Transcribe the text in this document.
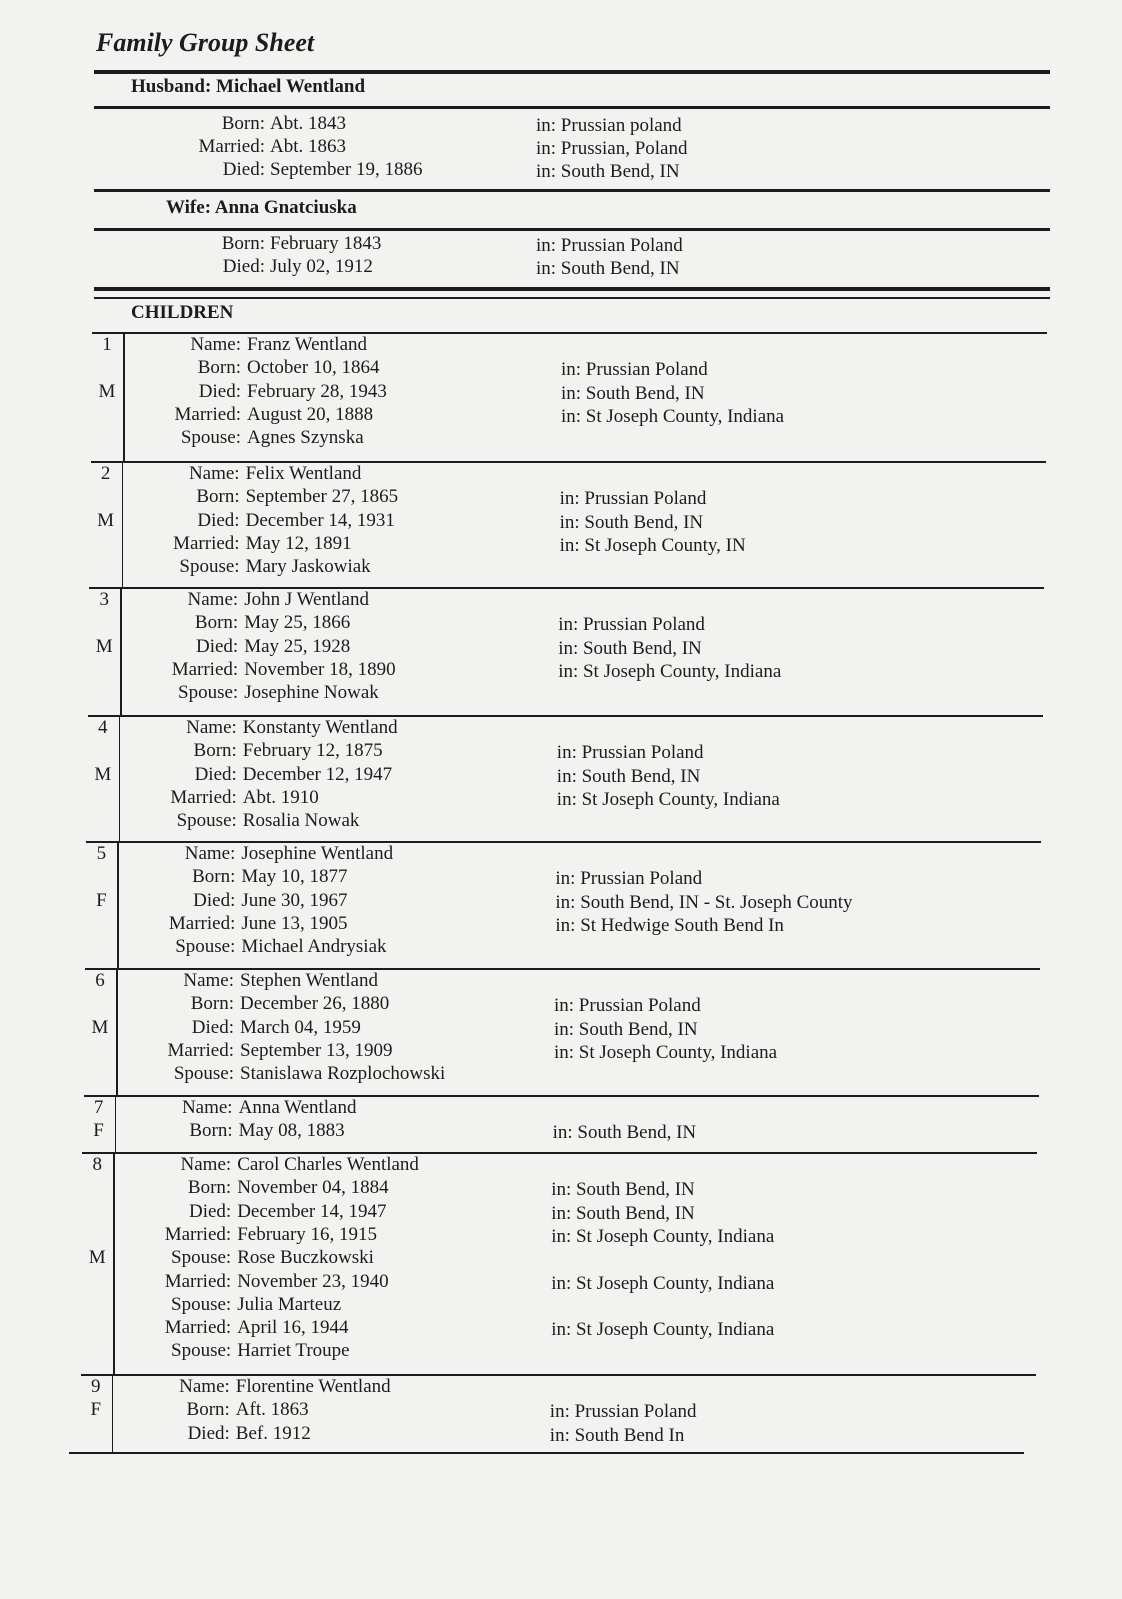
Family Group Sheet
Husband: Michael Wentland
Born: Abt. 1843	in: Prussian poland
Married: Abt. 1863	in: Prussian, Poland
Died: September 19, 1886	in: South Bend, IN
Wife: Anna Gnatciuska
Born: February 1843	in: Prussian Poland
Died: July 02, 1912	in: South Bend, IN
CHILDREN
1
M
Name: Franz Wentland
Born: October 10, 1864	in: Prussian Poland
Died: February 28, 1943	in: South Bend, IN
Married: August 20, 1888	in: St Joseph County, Indiana
Spouse: Agnes Szynska
2
M
Name: Felix Wentland
Born: September 27, 1865	in: Prussian Poland
Died: December 14, 1931	in: South Bend, IN
Married: May 12, 1891	in: St Joseph County, IN
Spouse: Mary Jaskowiak
3
M
Name: John J Wentland
Born: May 25, 1866	in: Prussian Poland
Died: May 25, 1928	in: South Bend, IN
Married: November 18, 1890	in: St Joseph County, Indiana
Spouse: Josephine Nowak
4
M
Name: Konstanty Wentland
Born: February 12, 1875	in: Prussian Poland
Died: December 12, 1947	in: South Bend, IN
Married: Abt. 1910	in: St Joseph County, Indiana
Spouse: Rosalia Nowak
5
F
Name: Josephine Wentland
Born: May 10, 1877	in: Prussian Poland
Died: June 30, 1967	in: South Bend, IN - St. Joseph County
Married: June 13, 1905	in: St Hedwige South Bend In
Spouse: Michael Andrysiak
6
M
Name: Stephen Wentland
Born: December 26, 1880	in: Prussian Poland
Died: March 04, 1959	in: South Bend, IN
Married: September 13, 1909	in: St Joseph County, Indiana
Spouse: Stanislawa Rozplochowski
7
F
Name: Anna Wentland
Born: May 08, 1883	in: South Bend, IN
8
M
Name: Carol Charles Wentland
Born: November 04, 1884	in: South Bend, IN
Died: December 14, 1947	in: South Bend, IN
Married: February 16, 1915	in: St Joseph County, Indiana
Spouse: Rose Buczkowski
Married: November 23, 1940	in: St Joseph County, Indiana
Spouse: Julia Marteuz
Married: April 16, 1944	in: St Joseph County, Indiana
Spouse: Harriet Troupe
9
F
Name: Florentine Wentland
Born: Aft. 1863	in: Prussian Poland
Died: Bef. 1912	in: South Bend In
